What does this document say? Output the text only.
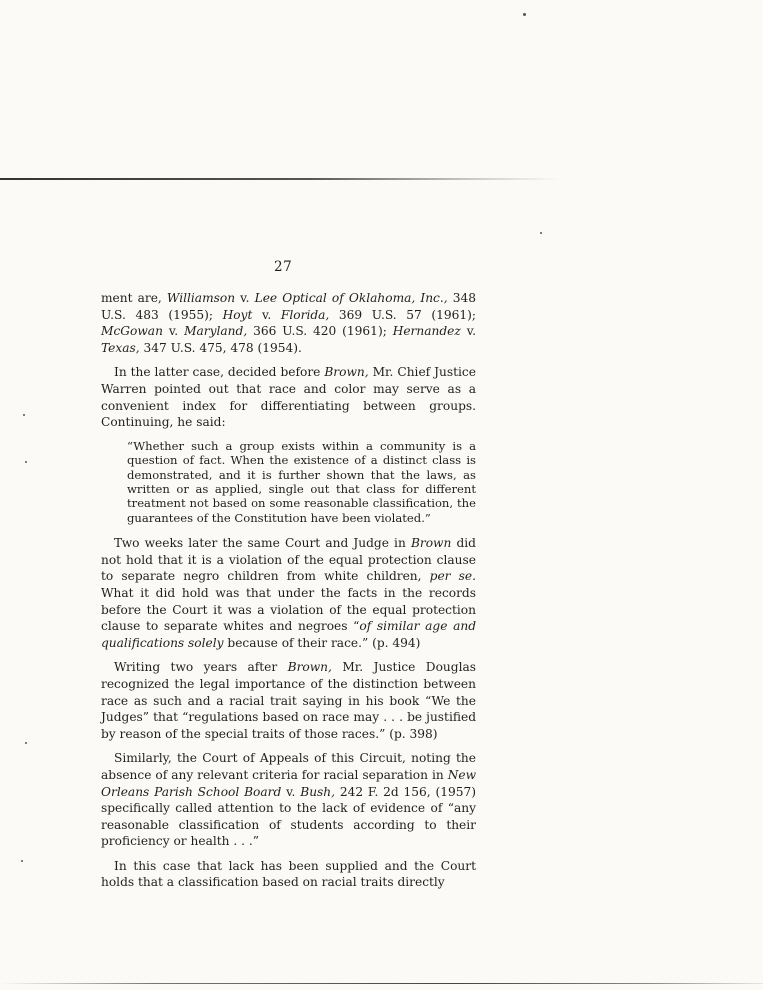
27

ment are, Williamson v. Lee Optical of Oklahoma, Inc., 348 U.S. 483 (1955); Hoyt v. Florida, 369 U.S. 57 (1961); McGowan v. Maryland, 366 U.S. 420 (1961); Hernandez v. Texas, 347 U.S. 475, 478 (1954).

In the latter case, decided before Brown, Mr. Chief Justice Warren pointed out that race and color may serve as a convenient index for differentiating between groups. Continuing, he said:

“Whether such a group exists within a community is a question of fact. When the existence of a distinct class is demonstrated, and it is further shown that the laws, as written or as applied, single out that class for different treatment not based on some reasonable classification, the guarantees of the Constitution have been violated.”

Two weeks later the same Court and Judge in Brown did not hold that it is a violation of the equal protection clause to separate negro children from white children, per se. What it did hold was that under the facts in the records before the Court it was a violation of the equal protection clause to separate whites and negroes “of similar age and qualifications solely because of their race.” (p. 494)

Writing two years after Brown, Mr. Justice Douglas recognized the legal importance of the distinction between race as such and a racial trait saying in his book “We the Judges” that “regulations based on race may . . . be justified by reason of the special traits of those races.” (p. 398)

Similarly, the Court of Appeals of this Circuit, noting the absence of any relevant criteria for racial separation in New Orleans Parish School Board v. Bush, 242 F. 2d 156, (1957) specifically called attention to the lack of evidence of “any reasonable classification of students according to their proficiency or health . . .”

In this case that lack has been supplied and the Court holds that a classification based on racial traits directly
